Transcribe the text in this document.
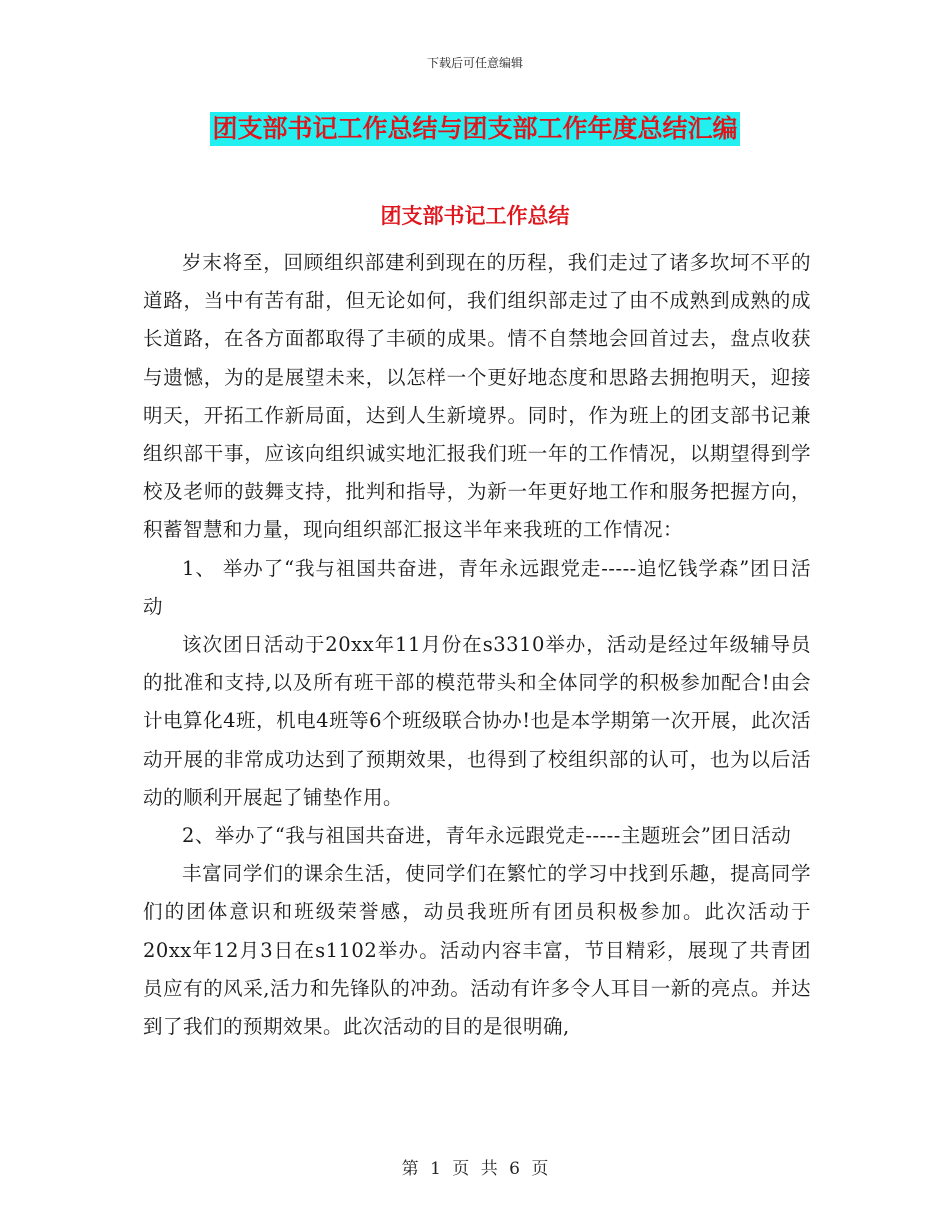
下载后可任意编辑
团支部书记工作总结与团支部工作年度总结汇编
团支部书记工作总结

岁末将至，回顾组织部建利到现在的历程，我们走过了诸多坎坷不平的道路，当中有苦有甜，但无论如何，我们组织部走过了由不成熟到成熟的成长道路，在各方面都取得了丰硕的成果。情不自禁地会回首过去，盘点收获与遗憾，为的是展望未来，以怎样一个更好地态度和思路去拥抱明天，迎接明天，开拓工作新局面，达到人生新境界。同时，作为班上的团支部书记兼组织部干事，应该向组织诚实地汇报我们班一年的工作情况，以期望得到学校及老师的鼓舞支持，批判和指导，为新一年更好地工作和服务把握方向，积蓄智慧和力量，现向组织部汇报这半年来我班的工作情况：

1、 举办了“我与祖国共奋进，青年永远跟党走-----追忆钱学森”团日活动

该次团日活动于20xx年11月份在s3310举办，活动是经过年级辅导员的批准和支持,以及所有班干部的模范带头和全体同学的积极参加配合!由会计电算化4班，机电4班等6个班级联合协办!也是本学期第一次开展，此次活动开展的非常成功达到了预期效果，也得到了校组织部的认可，也为以后活动的顺利开展起了铺垫作用。

2、举办了“我与祖国共奋进，青年永远跟党走-----主题班会”团日活动

丰富同学们的课余生活，使同学们在繁忙的学习中找到乐趣，提高同学们的团体意识和班级荣誉感，动员我班所有团员积极参加。此次活动于20xx年12月3日在s1102举办。活动内容丰富，节目精彩，展现了共青团员应有的风采,活力和先锋队的冲劲。活动有许多令人耳目一新的亮点。并达到了我们的预期效果。此次活动的目的是很明确,

第 1 页 共 6 页
